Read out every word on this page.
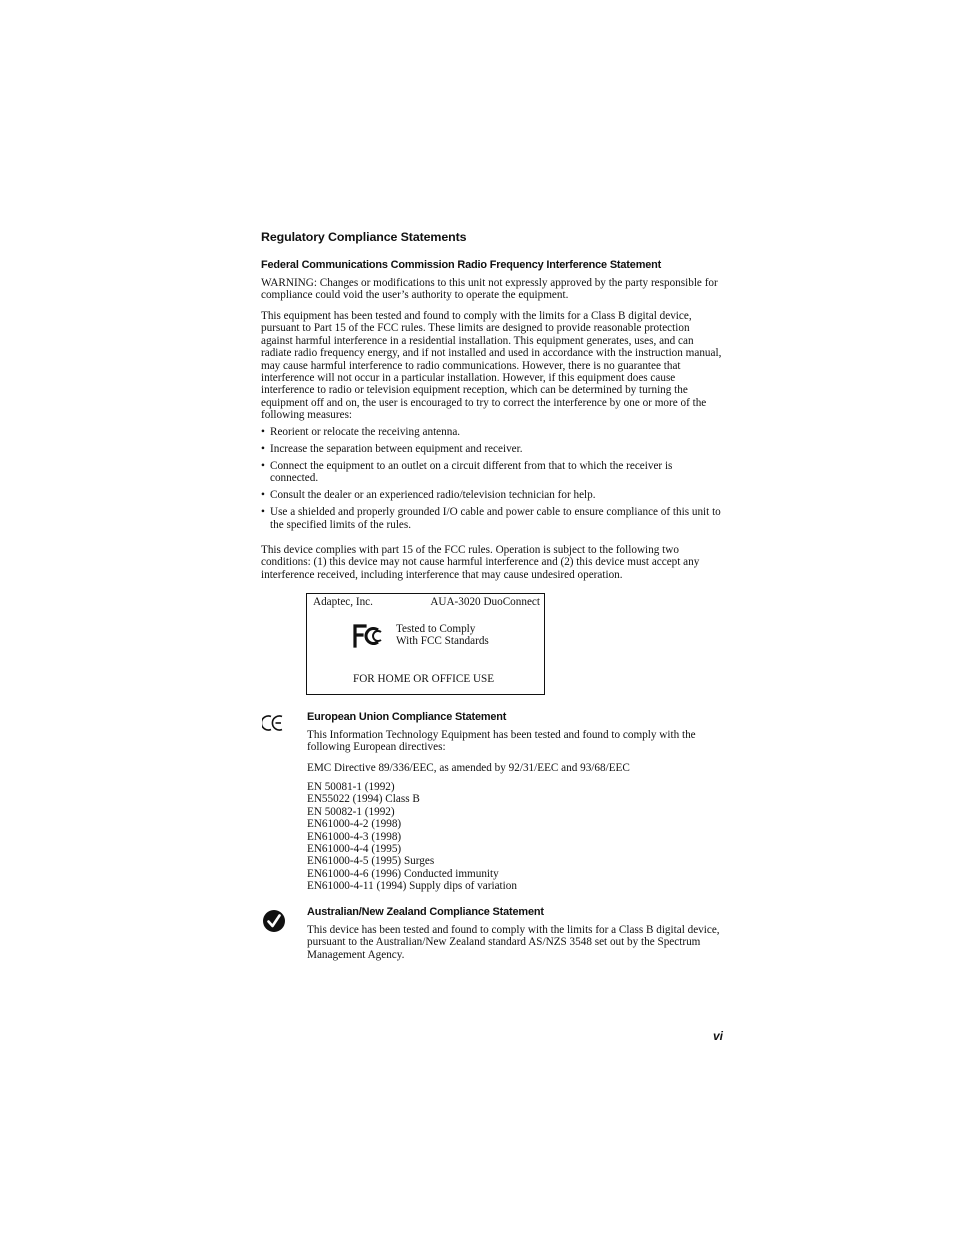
Regulatory Compliance Statements
Federal Communications Commission Radio Frequency Interference Statement

WARNING: Changes or modifications to this unit not expressly approved by the party responsible for compliance could void the user’s authority to operate the equipment.

This equipment has been tested and found to comply with the limits for a Class B digital device, pursuant to Part 15 of the FCC rules. These limits are designed to provide reasonable protection against harmful interference in a residential installation. This equipment generates, uses, and can radiate radio frequency energy, and if not installed and used in accordance with the instruction manual, may cause harmful interference to radio communications. However, there is no guarantee that interference will not occur in a particular installation. However, if this equipment does cause interference to radio or television equipment reception, which can be determined by turning the equipment off and on, the user is encouraged to try to correct the interference by one or more of the following measures:

• Reorient or relocate the receiving antenna.
• Increase the separation between equipment and receiver.
• Connect the equipment to an outlet on a circuit different from that to which the receiver is connected.
• Consult the dealer or an experienced radio/television technician for help.
• Use a shielded and properly grounded I/O cable and power cable to ensure compliance of this unit to the specified limits of the rules.

This device complies with part 15 of the FCC rules. Operation is subject to the following two conditions: (1) this device may not cause harmful interference and (2) this device must accept any interference received, including interference that may cause undesired operation.

Adaptec, Inc.	AUA-3020 DuoConnect
Tested to Comply
With FCC Standards
FOR HOME OR OFFICE USE
European Union Compliance Statement

This Information Technology Equipment has been tested and found to comply with the following European directives:

EMC Directive 89/336/EEC, as amended by 92/31/EEC and 93/68/EEC
EN 50081-1 (1992)
EN55022 (1994) Class B
EN 50082-1 (1992)
EN61000-4-2 (1998)
EN61000-4-3 (1998)
EN61000-4-4 (1995)
EN61000-4-5 (1995) Surges
EN61000-4-6 (1996) Conducted immunity
EN61000-4-11 (1994) Supply dips of variation
Australian/New Zealand Compliance Statement

This device has been tested and found to comply with the limits for a Class B digital device, pursuant to the Australian/New Zealand standard AS/NZS 3548 set out by the Spectrum Management Agency.

vi
